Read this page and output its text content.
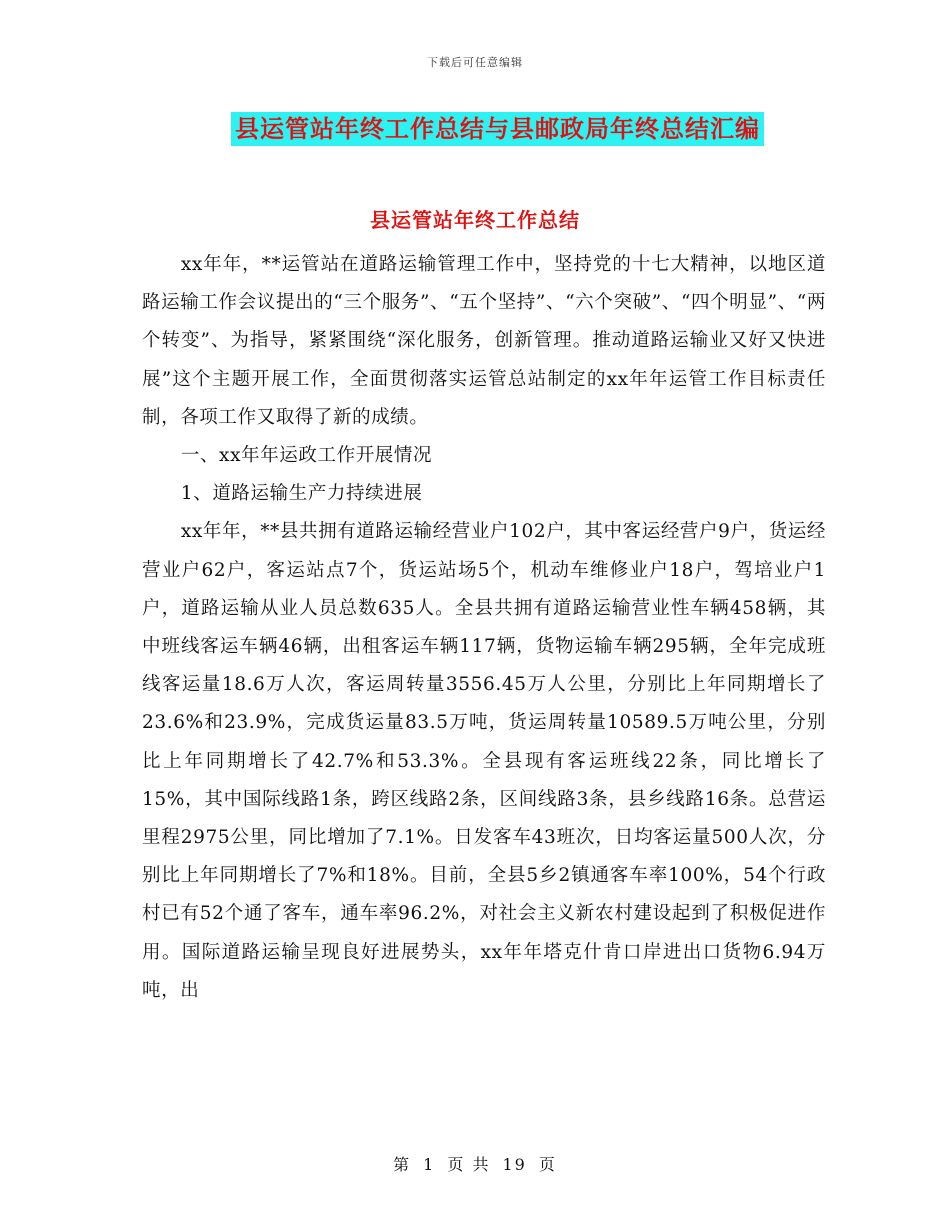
下载后可任意编辑
县运管站年终工作总结与县邮政局年终总结汇编
县运管站年终工作总结

xx年年，**运管站在道路运输管理工作中，坚持党的十七大精神，以地区道路运输工作会议提出的“三个服务”、“五个坚持”、“六个突破”、“四个明显”、“两个转变”、为指导，紧紧围绕“深化服务，创新管理。推动道路运输业又好又快进展”这个主题开展工作，全面贯彻落实运管总站制定的xx年年运管工作目标责任制，各项工作又取得了新的成绩。

一、xx年年运政工作开展情况

1、道路运输生产力持续进展

xx年年，**县共拥有道路运输经营业户102户，其中客运经营户9户，货运经营业户62户，客运站点7个，货运站场5个，机动车维修业户18户，驾培业户1户，道路运输从业人员总数635人。全县共拥有道路运输营业性车辆458辆，其中班线客运车辆46辆，出租客运车辆117辆，货物运输车辆295辆，全年完成班线客运量18.6万人次，客运周转量3556.45万人公里，分别比上年同期增长了23.6%和23.9%，完成货运量83.5万吨，货运周转量10589.5万吨公里，分别比上年同期增长了42.7%和53.3%。全县现有客运班线22条，同比增长了15%，其中国际线路1条，跨区线路2条，区间线路3条，县乡线路16条。总营运里程2975公里，同比增加了7.1%。日发客车43班次，日均客运量500人次，分别比上年同期增长了7%和18%。目前，全县5乡2镇通客车率100%，54个行政村已有52个通了客车，通车率96.2%，对社会主义新农村建设起到了积极促进作用。国际道路运输呈现良好进展势头，xx年年塔克什肯口岸进出口货物6.94万吨，出

第 1 页 共 19 页
